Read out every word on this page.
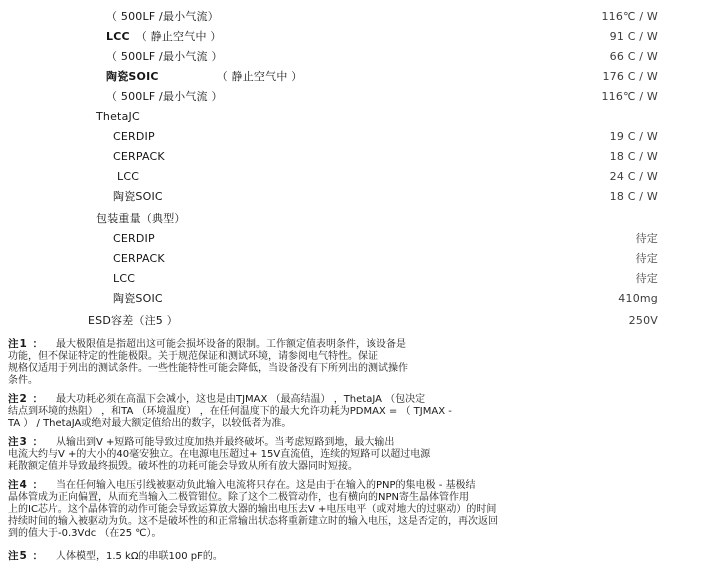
（ 500LF /最小气流）	116℃ / W
LCC （ 静止空气中 ）	91 C / W
（ 500LF /最小气流 ）	66 C / W
陶瓷SOIC	（ 静止空气中 ）	176 C / W
（ 500LF /最小气流 ）	116℃ / W
ThetaJC
CERDIP	19 C / W
CERPACK	18 C / W
LCC	24 C / W
陶瓷SOIC	18 C / W
包装重量（典型）
CERDIP	待定
CERPACK	待定
LCC	待定
陶瓷SOIC	410mg
ESD容差（注5 ）	250V
注1 ： 最大极限值是指超出这可能会损坏设备的限制。工作额定值表明条件，该设备是
功能，但不保证特定的性能极限。关于规范保证和测试环境，请参阅电气特性。保证
规格仅适用于列出的测试条件。一些性能特性可能会降低，当设备没有下所列出的测试操作
条件。
注2 ： 最大功耗必须在高温下会减小，这也是由TJMAX （最高结温） ，ThetaJA （包决定
结点到环境的热阻） ，和TA （环境温度） ，在任何温度下的最大允许功耗为PDMAX = （ TJMAX -
TA ） / ThetaJA或绝对最大额定值给出的数字，以较低者为准。
注3 ： 从输出到V +短路可能导致过度加热并最终破坏。当考虑短路到地，最大输出
电流大约与V +的大小的40毫安独立。在电源电压超过+ 15V直流值，连续的短路可以超过电源
耗散额定值并导致最终损毁。破坏性的功耗可能会导致从所有放大器同时短接。
注4 ： 当在任何输入电压引线被驱动负此输入电流将只存在。这是由于在输入的PNP的集电极 - 基极结
晶体管成为正向偏置，从而充当输入二极管钳位。除了这个二极管动作，也有横向的NPN寄生晶体管作用
上的IC芯片。这个晶体管的动作可能会导致运算放大器的输出电压去V +电压电平（或对地大的过驱动）的时间
持续时间的输入被驱动为负。这不是破坏性的和正常输出状态将重新建立时的输入电压，这是否定的，再次返回
到的值大于-0.3Vdc （在25 ℃）。
注5 ： 人体模型，1.5 kΩ的串联100 pF的。
